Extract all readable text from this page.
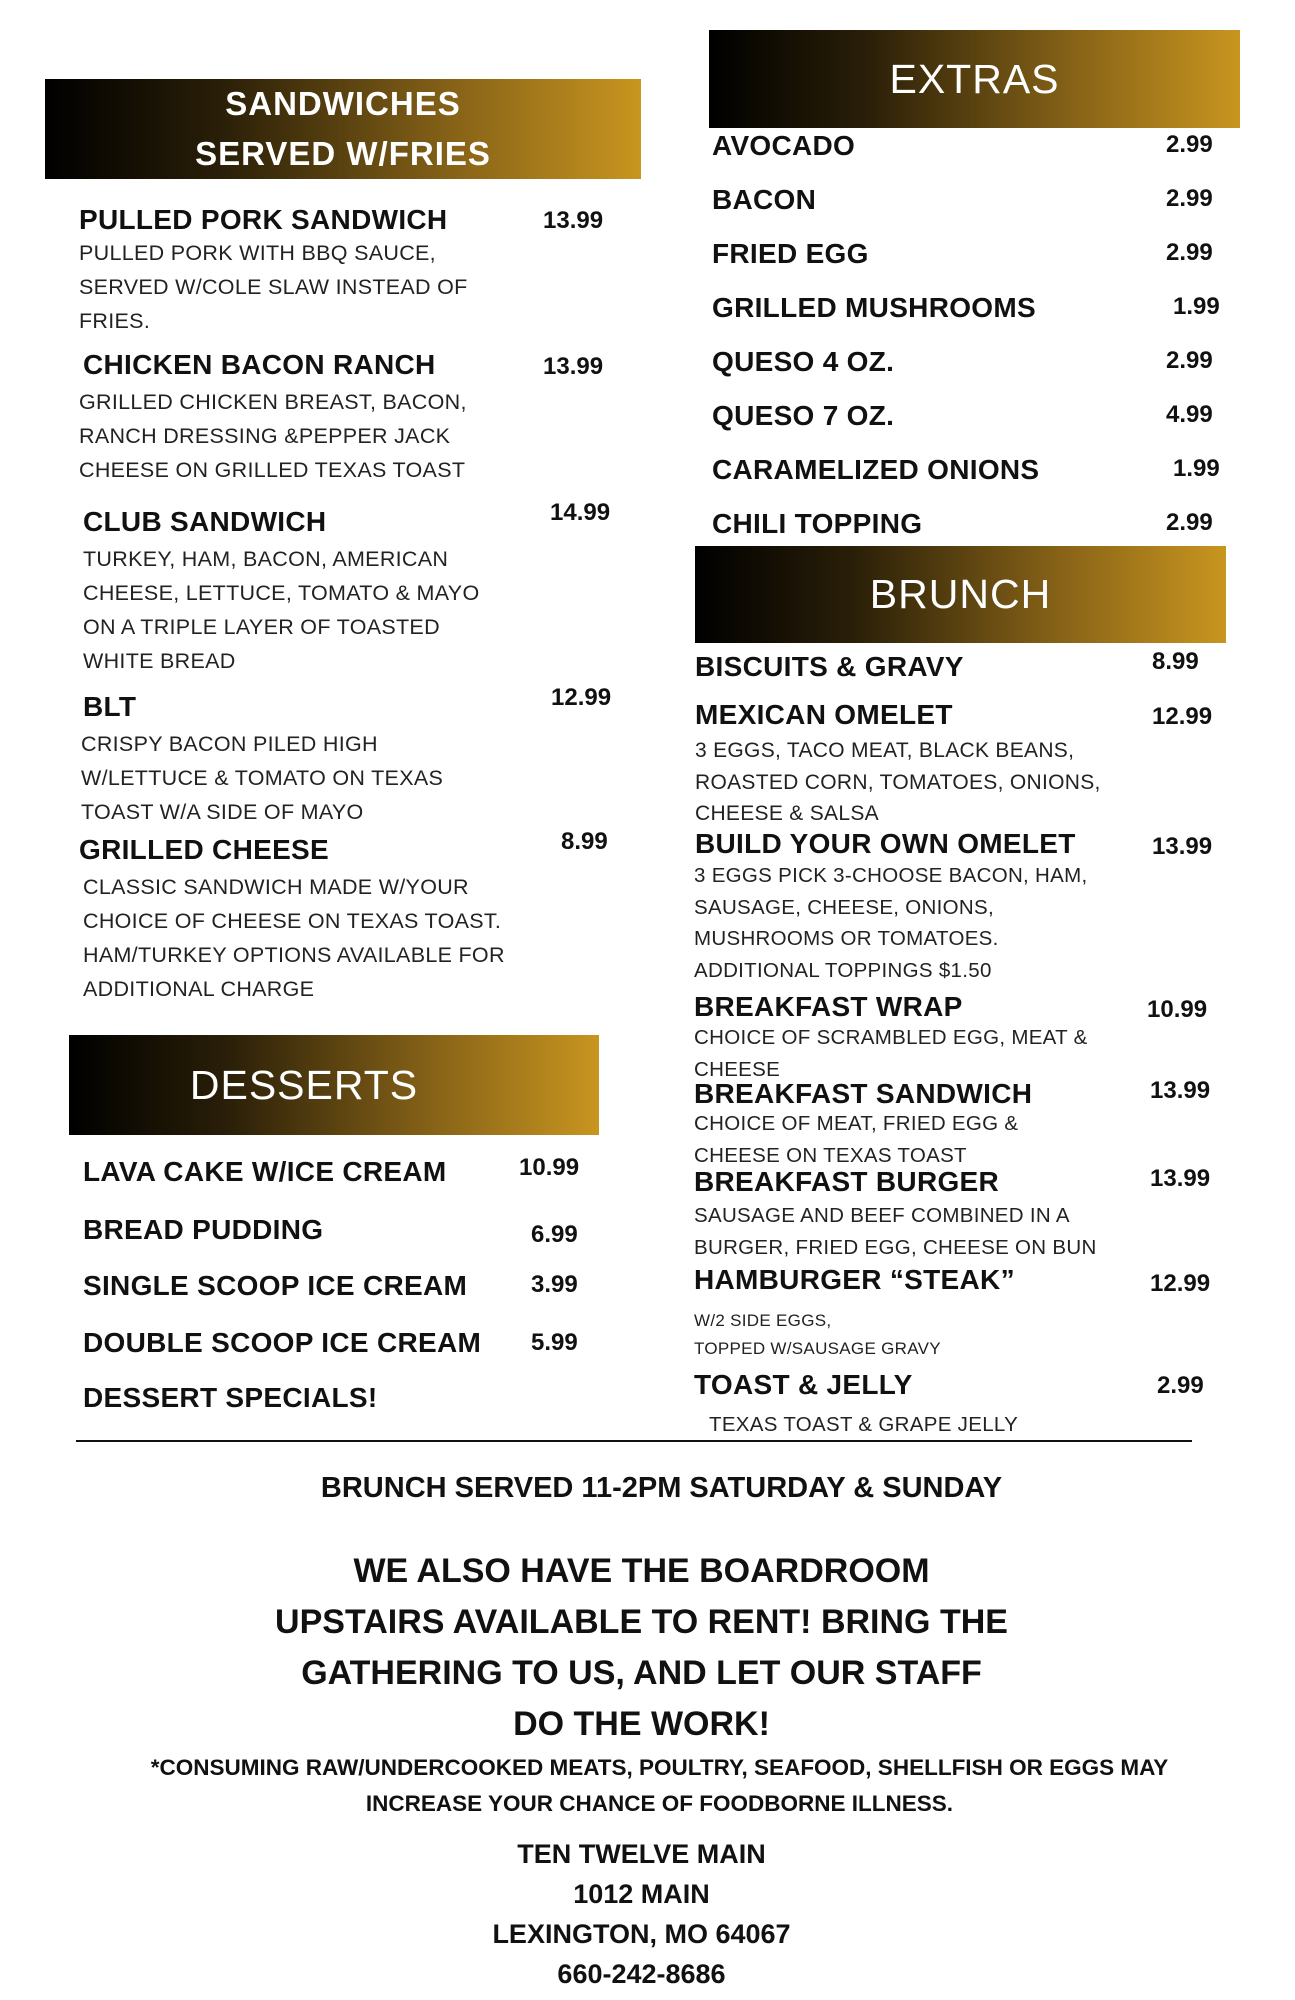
SANDWICHES
SERVED W/FRIES
PULLED PORK SANDWICH	13.99
PULLED PORK WITH BBQ SAUCE,
SERVED W/COLE SLAW INSTEAD OF
FRIES.
CHICKEN BACON RANCH	13.99
GRILLED CHICKEN BREAST, BACON,
RANCH DRESSING &PEPPER JACK
CHEESE ON GRILLED TEXAS TOAST
CLUB SANDWICH	14.99
TURKEY, HAM, BACON, AMERICAN
CHEESE, LETTUCE, TOMATO & MAYO
ON A TRIPLE LAYER OF TOASTED
WHITE BREAD
BLT	12.99
CRISPY BACON PILED HIGH
W/LETTUCE & TOMATO ON TEXAS
TOAST W/A SIDE OF MAYO
GRILLED CHEESE	8.99
CLASSIC SANDWICH MADE W/YOUR
CHOICE OF CHEESE ON TEXAS TOAST.
HAM/TURKEY OPTIONS AVAILABLE FOR
ADDITIONAL CHARGE
DESSERTS
LAVA CAKE W/ICE CREAM	10.99
BREAD PUDDING	6.99
SINGLE SCOOP ICE CREAM	3.99
DOUBLE SCOOP ICE CREAM 5.99
DESSERT SPECIALS!
EXTRAS
AVOCADO	2.99
BACON	2.99
FRIED EGG	2.99
GRILLED MUSHROOMS	1.99
QUESO 4 OZ.	2.99
QUESO 7 OZ.	4.99
CARAMELIZED ONIONS	1.99
CHILI TOPPING	2.99
BRUNCH
BISCUITS & GRAVY	8.99
MEXICAN OMELET	12.99
3 EGGS, TACO MEAT, BLACK BEANS,
ROASTED CORN, TOMATOES, ONIONS,
CHEESE & SALSA
BUILD YOUR OWN OMELET	13.99
3 EGGS PICK 3-CHOOSE BACON, HAM,
SAUSAGE, CHEESE, ONIONS,
MUSHROOMS OR TOMATOES.
ADDITIONAL TOPPINGS $1.50
BREAKFAST WRAP	10.99
CHOICE OF SCRAMBLED EGG, MEAT &
CHEESE
BREAKFAST SANDWICH	13.99
CHOICE OF MEAT, FRIED EGG &
CHEESE ON TEXAS TOAST
BREAKFAST BURGER	13.99
SAUSAGE AND BEEF COMBINED IN A
BURGER, FRIED EGG, CHEESE ON BUN
HAMBURGER “STEAK”	12.99
W/2 SIDE EGGS,
TOPPED W/SAUSAGE GRAVY
TOAST & JELLY	2.99
TEXAS TOAST & GRAPE JELLY
BRUNCH SERVED 11-2PM SATURDAY & SUNDAY
WE ALSO HAVE THE BOARDROOM
UPSTAIRS AVAILABLE TO RENT! BRING THE
GATHERING TO US, AND LET OUR STAFF
DO THE WORK!
*CONSUMING RAW/UNDERCOOKED MEATS, POULTRY, SEAFOOD, SHELLFISH OR EGGS MAY
INCREASE YOUR CHANCE OF FOODBORNE ILLNESS.
TEN TWELVE MAIN
1012 MAIN
LEXINGTON, MO 64067
660-242-8686
